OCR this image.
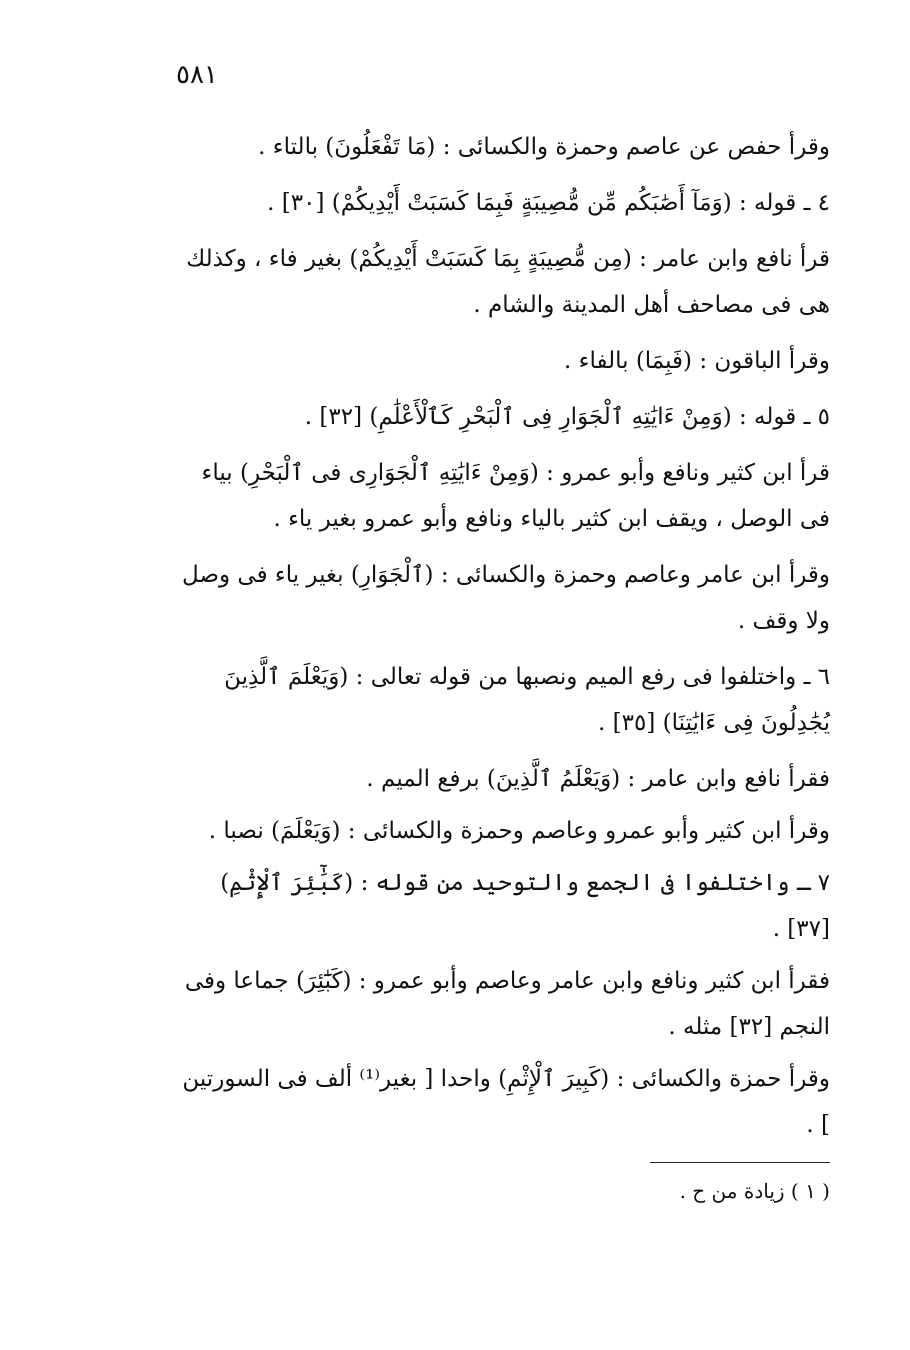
٥٨١

وقرأ حفص عن عاصم وحمزة والكسائى : (مَا تَفْعَلُونَ) بالتاء .

٤ ـ قوله : (وَمَآ أَصَٰبَكُم مِّن مُّصِيبَةٍ فَبِمَا كَسَبَتْ أَيْدِيكُمْ) [٣٠] .

قرأ نافع وابن عامر : (مِن مُّصِيبَةٍ بِمَا كَسَبَتْ أَيْدِيكُمْ) بغير فاء ، وكذلك هى فى مصاحف أهل المدينة والشام .

وقرأ الباقون : (فَبِمَا) بالفاء .

٥ ـ قوله : (وَمِنْ ءَايَٰتِهِ ٱلْجَوَارِ فِى ٱلْبَحْرِ كَٱلْأَعْلَٰمِ) [٣٢] .

قرأ ابن كثير ونافع وأبو عمرو : (وَمِنْ ءَايَٰتِهِ ٱلْجَوَارِى فى ٱلْبَحْرِ) بياء فى الوصل ، ويقف ابن كثير بالياء ونافع وأبو عمرو بغير ياء .

وقرأ ابن عامر وعاصم وحمزة والكسائى : (ٱلْجَوَارِ) بغير ياء فى وصل ولا وقف .

٦ ـ واختلفوا فى رفع الميم ونصبها من قوله تعالى : (وَيَعْلَمَ ٱلَّذِينَ يُجَٰدِلُونَ فِى ءَايَٰتِنَا) [٣٥] .

فقرأ نافع وابن عامر : (وَيَعْلَمُ ٱلَّذِينَ) برفع الميم .

وقرأ ابن كثير وأبو عمرو وعاصم وحمزة والكسائى : (وَيَعْلَمَ) نصبا .

٧ ـ واختلفوا فى الجمع والتوحيد من قوله : (كَبَٰٓئِرَ ٱلْإِثْمِ) [٣٧] .

فقرأ ابن كثير ونافع وابن عامر وعاصم وأبو عمرو : (كَبَٰٓئِرَ) جماعا وفى النجم [٣٢] مثله .

وقرأ حمزة والكسائى : (كَبِيرَ ٱلْإِثْمِ) واحدا [ بغير⁽¹⁾ ألف فى السورتين ] .

( ١ ) زيادة من ح .
